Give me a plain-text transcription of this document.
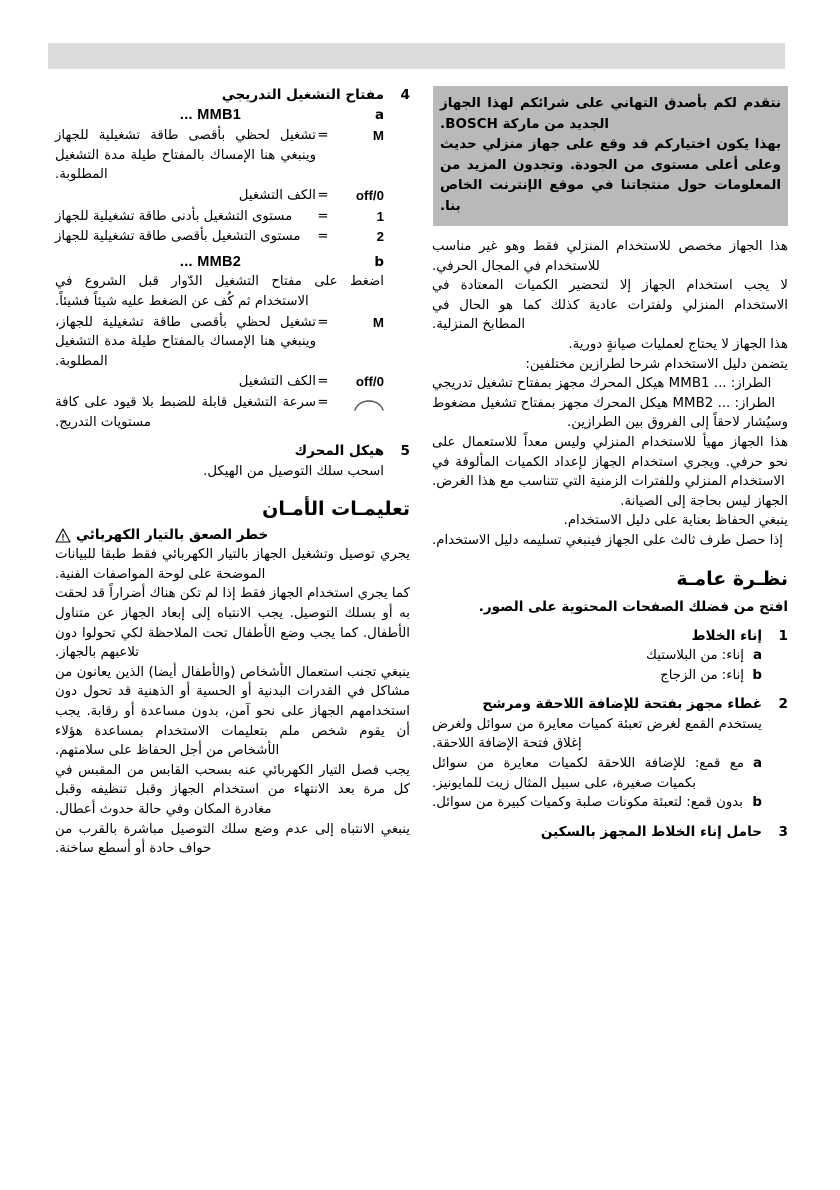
نتقدم لكم بأصدق التهاني على شرائكم لهذا الجهاز الجديد من ماركة BOSCH.

بهذا يكون اختياركم قد وقع على جهاز منزلي حديث وعلى أعلى مستوى من الجودة. وتجدون المزيد من المعلومات حول منتجاتنا في موقع الإنترنت الخاص بنا.

هذا الجهاز مخصص للاستخدام المنزلي فقط وهو غير مناسب للاستخدام في المجال الحرفي.

لا يجب استخدام الجهاز إلا لتحضير الكميات المعتادة في الاستخدام المنزلي ولفترات عادية كذلك كما هو الحال في المطابخ المنزلية.

هذا الجهاز لا يحتاج لعمليات صيانةٍ دورية.

يتضمن دليل الاستخدام شرحا لطرازين مختلفين:

الطراز: ... MMB1 هيكل المحرك مجهز بمفتاح تشغيل تدريجي

الطراز: ... MMB2 هيكل المحرك مجهز بمفتاح تشغيل مضغوط

وسيُشار لاحقاً إلى الفروق بين الطرازين.

هذا الجهاز مهيأ للاستخدام المنزلي وليس معداً للاستعمال على نحو حرفي. ويجري استخدام الجهاز لإعداد الكميات المألوفة في الاستخدام المنزلي وللفترات الزمنية التي تتناسب مع هذا الغرض.

الجهاز ليس بحاجة إلى الصيانة.

ينبغي الحفاظ بعناية على دليل الاستخدام.

إذا حصل طرف ثالث على الجهاز فينبغي تسليمه دليل الاستخدام.

نظـرة عامـة

افتح من فضلك الصفحات المحتوية على الصور.

1
إناء الخلاط
a
إناء: من البلاستيك
b
إناء: من الزجاج
2
غطاء مجهز بفتحة للإضافة اللاحقة ومرشح
يستخدم القمع لغرض تعبئة كميات معايرة من سوائل ولغرض إغلاق فتحة الإضافة اللاحقة.
a
مع قمع: للإضافة اللاحقة لكميات معايرة من سوائل بكميات صغيرة، على سبيل المثال زيت للمايونيز.
b
بدون قمع: لتعبئة مكونات صلبة وكميات كبيرة من سوائل.
3
حامل إناء الخلاط المجهز بالسكين
4
مفتاح التشغيل التدريجي
a
MMB1 ...
M
=
تشغيل لحظي بأقصى طاقة تشغيلية للجهاز وينبغي هنا الإمساك بالمفتاح طيلة مدة التشغيل المطلوبة.
off/0
=
الكف التشغيل
1
=
مستوى التشغيل بأدنى طاقة تشغيلية للجهاز
2
=
مستوى التشغيل بأقصى طاقة تشغيلية للجهاز
b
MMB2 ...
اضغط على مفتاح التشغيل الدّوار قبل الشروع في الاستخدام ثم كُف عن الضغط عليه شيئاً فشيئاً.
M
=
تشغيل لحظي بأقصى طاقة تشغيلية للجهاز، وينبغي هنا الإمساك بالمفتاح طيلة مدة التشغيل المطلوبة.
off/0
=
الكف التشغيل
=
سرعة التشغيل قابلة للضبط بلا قيود على كافة مستويات التدريج.
5
هيكل المحرك
اسحب سلك التوصيل من الهيكل.
تعليمـات الأمـان
خطر الصعق بالتيار الكهربائي

يجري توصيل وتشغيل الجهاز بالتيار الكهربائي فقط طبقا للبيانات الموضحة على لوحة المواصفات الفنية.

كما يجري استخدام الجهاز فقط إذا لم تكن هناك أضراراً قد لحقت به أو بسلك التوصيل. يجب الانتباه إلى إبعاد الجهاز عن متناول الأطفال. كما يجب وضع الأطفال تحت الملاحظة لكي تحولوا دون تلاعبهم بالجهاز.

ينبغي تجنب استعمال الأشخاص (والأطفال أيضا) الذين يعانون من مشاكل في القدرات البدنية أو الحسية أو الذهنية قد تحول دون استخدامهم الجهاز على نحو آمن، بدون مساعدة أو رقابة. يجب أن يقوم شخص ملم بتعليمات الاستخدام بمساعدة هؤلاء الأشخاص من أجل الحفاظ على سلامتهم.

يجب فصل التيار الكهربائي عنه بسحب القابس من المقبس في كل مرة بعد الانتهاء من استخدام الجهاز وقبل تنظيفه وقبل مغادرة المكان وفي حالة حدوث أعطال.

ينبغي الانتباه إلى عدم وضع سلك التوصيل مباشرة بالقرب من حواف حادة أو أسطع ساخنة.
